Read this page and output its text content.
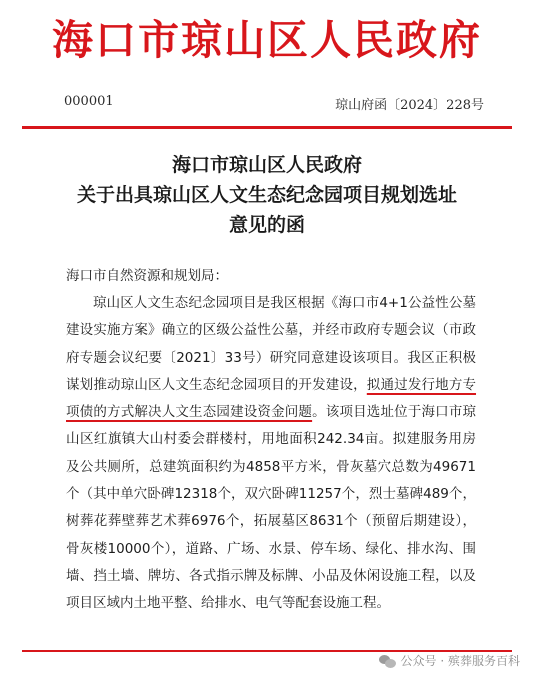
海口市琼山区人民政府
000001	琼山府函〔2024〕228号
海口市琼山区人民政府
关于出具琼山区人文生态纪念园项目规划选址
意见的函
海口市自然资源和规划局：
琼山区人文生态纪念园项目是我区根据《海口市4+1公益性公墓建设实施方案》确立的区级公益性公墓，并经市政府专题会议（市政府专题会议纪要〔2021〕33号）研究同意建设该项目。我区正积极谋划推动琼山区人文生态纪念园项目的开发建设，拟通过发行地方专项债的方式解决人文生态园建设资金问题。该项目选址位于海口市琼山区红旗镇大山村委会群楼村，用地面积242.34亩。拟建服务用房及公共厕所，总建筑面积约为4858平方米，骨灰墓穴总数为49671个（其中单穴卧碑12318个，双穴卧碑11257个，烈士墓碑489个，树葬花葬壁葬艺术葬6976个，拓展墓区8631个（预留后期建设），骨灰楼10000个），道路、广场、水景、停车场、绿化、排水沟、围墙、挡土墙、牌坊、各式指示牌及标牌、小品及休闲设施工程，以及项目区域内土地平整、给排水、电气等配套设施工程。
公众号 · 殡葬服务百科
